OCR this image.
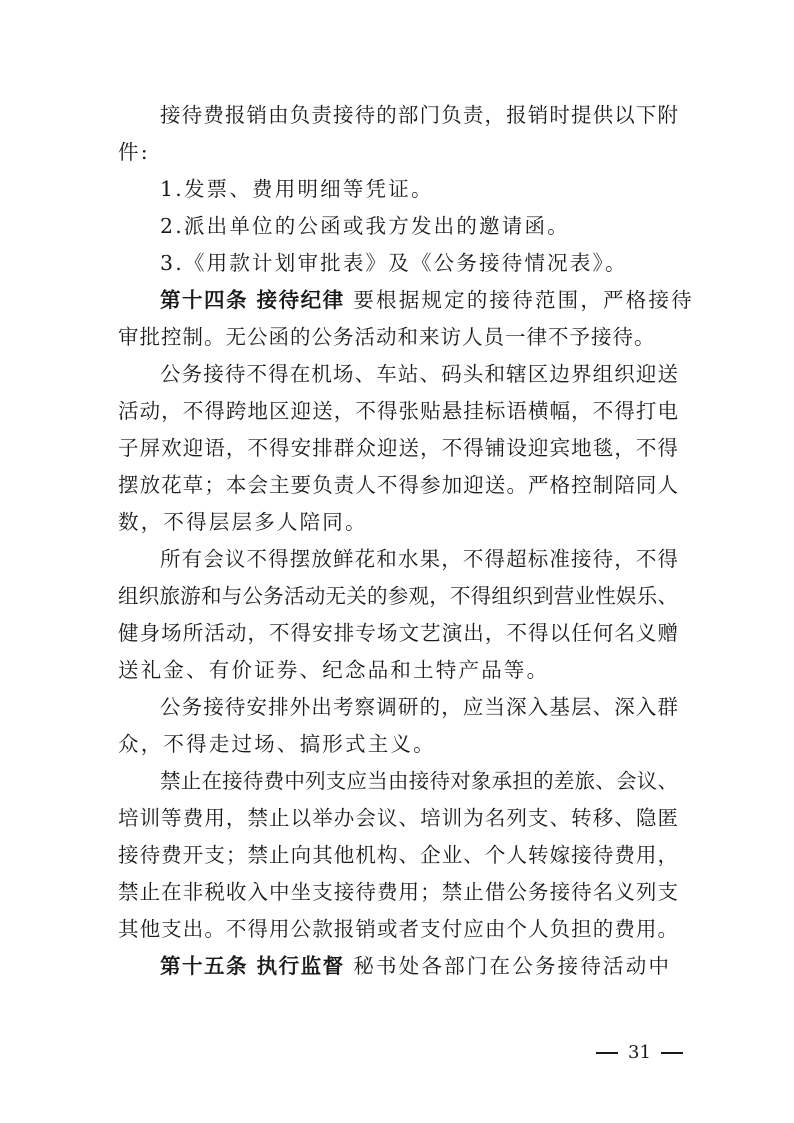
接待费报销由负责接待的部门负责，报销时提供以下附
件:
1.发票、费用明细等凭证。
2.派出单位的公函或我方发出的邀请函。
3.《用款计划审批表》及《公务接待情况表》。
第十四条 接待纪律 要根据规定的接待范围，严格接待
审批控制。无公函的公务活动和来访人员一律不予接待。
公务接待不得在机场、车站、码头和辖区边界组织迎送
活动，不得跨地区迎送，不得张贴悬挂标语横幅，不得打电
子屏欢迎语，不得安排群众迎送，不得铺设迎宾地毯，不得
摆放花草；本会主要负责人不得参加迎送。严格控制陪同人
数，不得层层多人陪同。
所有会议不得摆放鲜花和水果，不得超标准接待，不得
组织旅游和与公务活动无关的参观，不得组织到营业性娱乐、
健身场所活动，不得安排专场文艺演出，不得以任何名义赠
送礼金、有价证券、纪念品和土特产品等。
公务接待安排外出考察调研的，应当深入基层、深入群
众，不得走过场、搞形式主义。
禁止在接待费中列支应当由接待对象承担的差旅、会议、
培训等费用，禁止以举办会议、培训为名列支、转移、隐匿
接待费开支；禁止向其他机构、企业、个人转嫁接待费用，
禁止在非税收入中坐支接待费用；禁止借公务接待名义列支
其他支出。不得用公款报销或者支付应由个人负担的费用。
第十五条 执行监督 秘书处各部门在公务接待活动中
31
